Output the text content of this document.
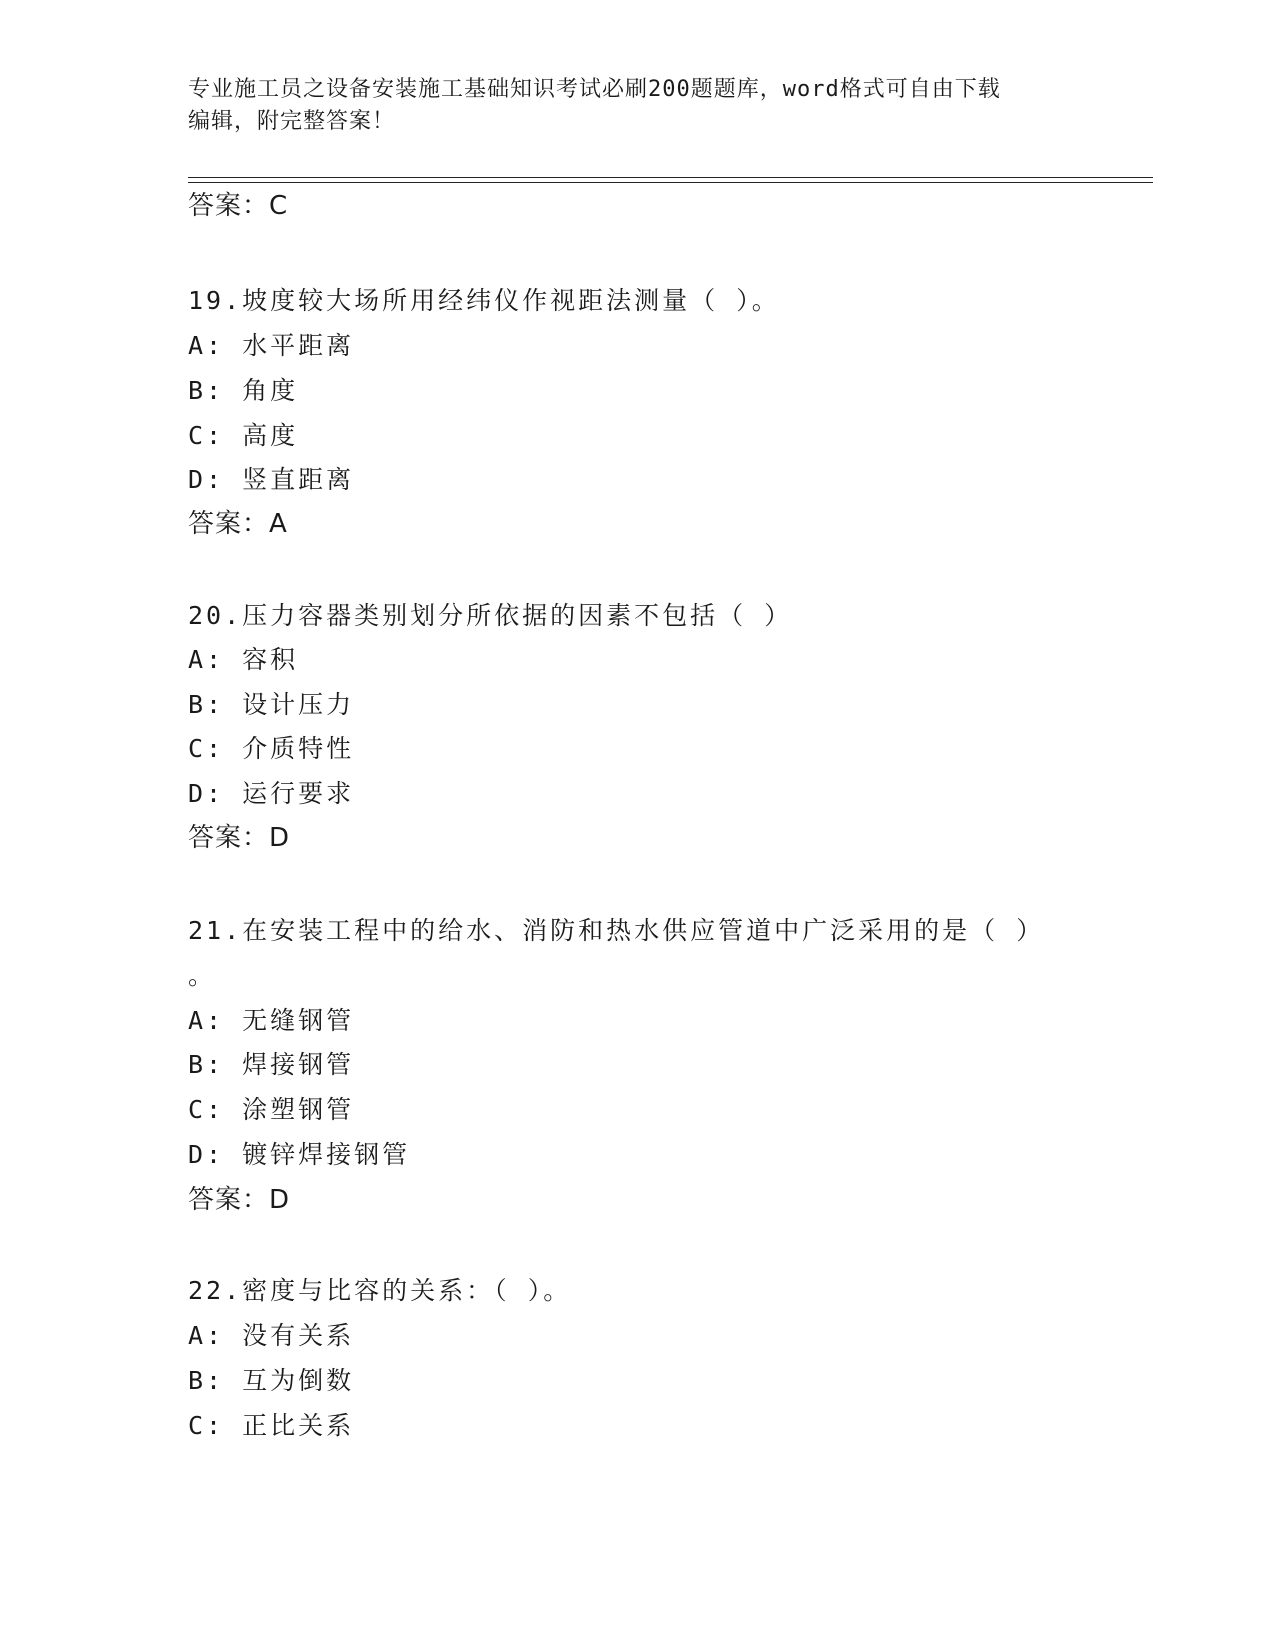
专业施工员之设备安装施工基础知识考试必刷200题题库，word格式可自由下载
编辑，附完整答案！
答案：C
19.坡度较大场所用经纬仪作视距法测量（ ）。
A: 水平距离
B: 角度
C: 高度
D: 竖直距离
答案：A
20.压力容器类别划分所依据的因素不包括（ ）
A: 容积
B: 设计压力
C: 介质特性
D: 运行要求
答案：D
21.在安装工程中的给水、消防和热水供应管道中广泛采用的是（ ）
。
A: 无缝钢管
B: 焊接钢管
C: 涂塑钢管
D: 镀锌焊接钢管
答案：D
22.密度与比容的关系：（ ）。
A: 没有关系
B: 互为倒数
C: 正比关系
